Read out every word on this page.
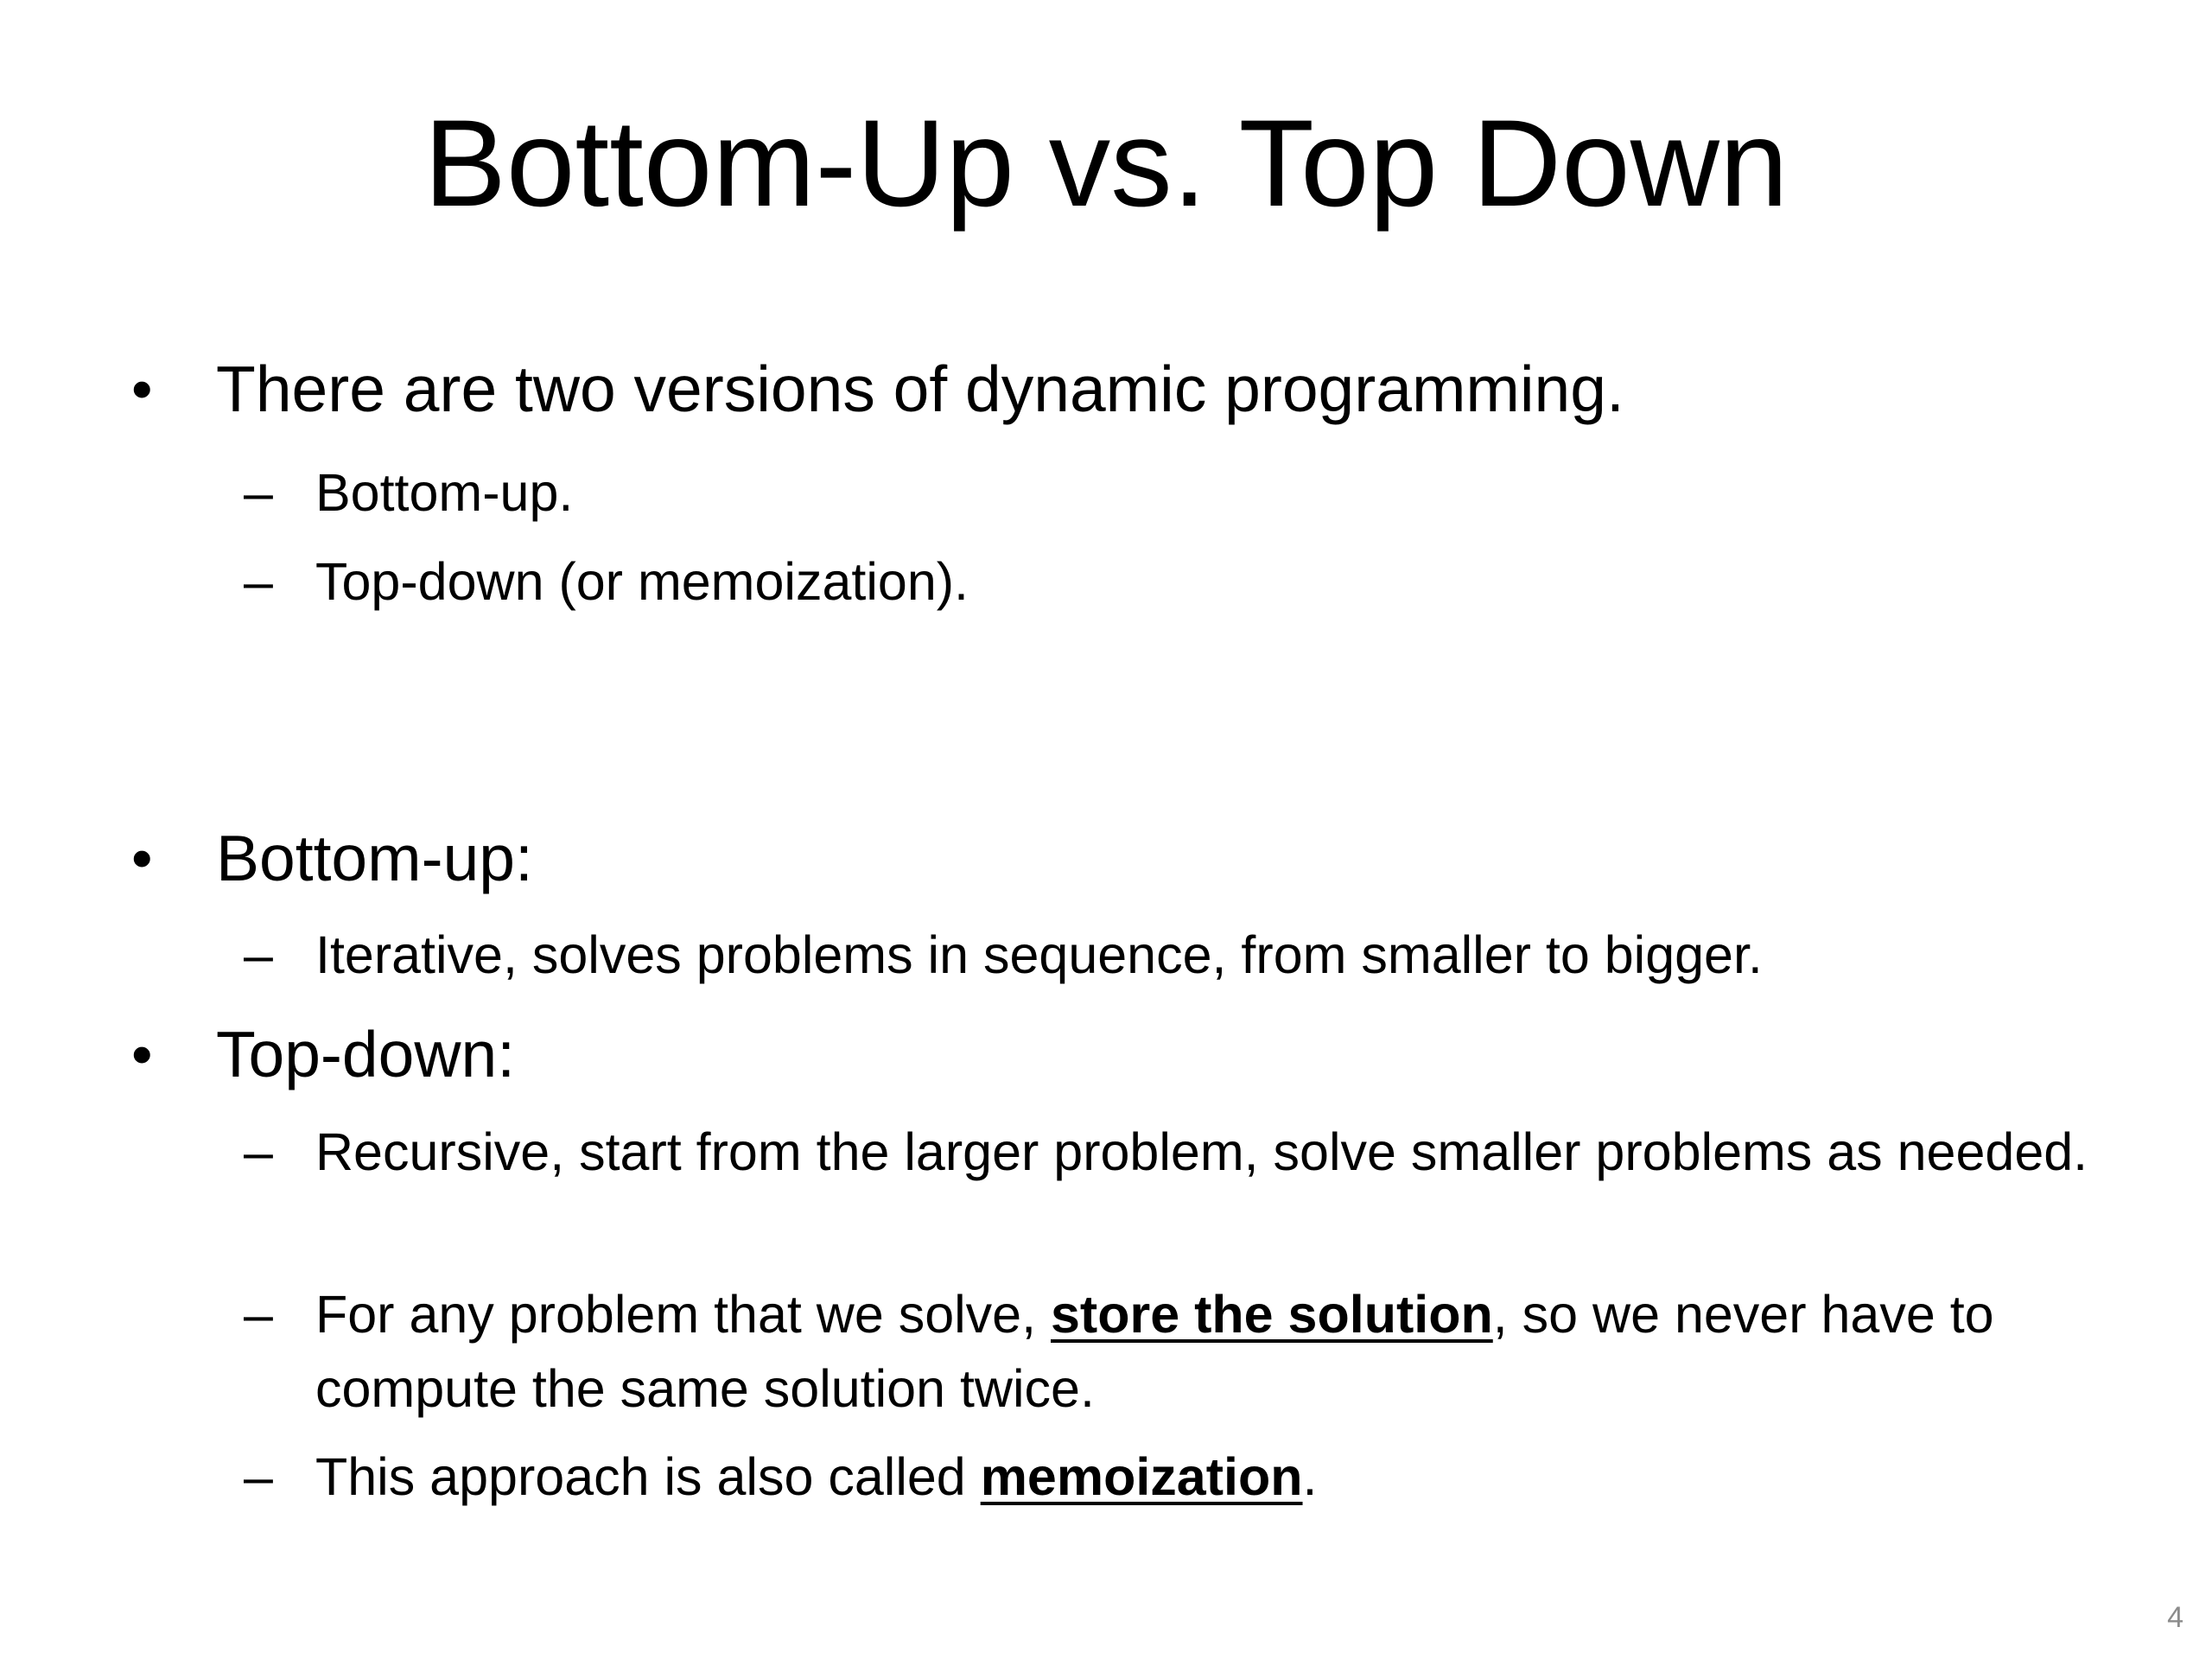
Bottom-Up vs. Top Down
• There are two versions of dynamic programming.
– Bottom-up.
– Top-down (or memoization).
• Bottom-up:
– Iterative, solves problems in sequence, from smaller to bigger.
• Top-down:
– Recursive, start from the larger problem, solve smaller problems as needed.
– For any problem that we solve, store the solution, so we never have to compute the same solution twice.
– This approach is also called memoization.
4
